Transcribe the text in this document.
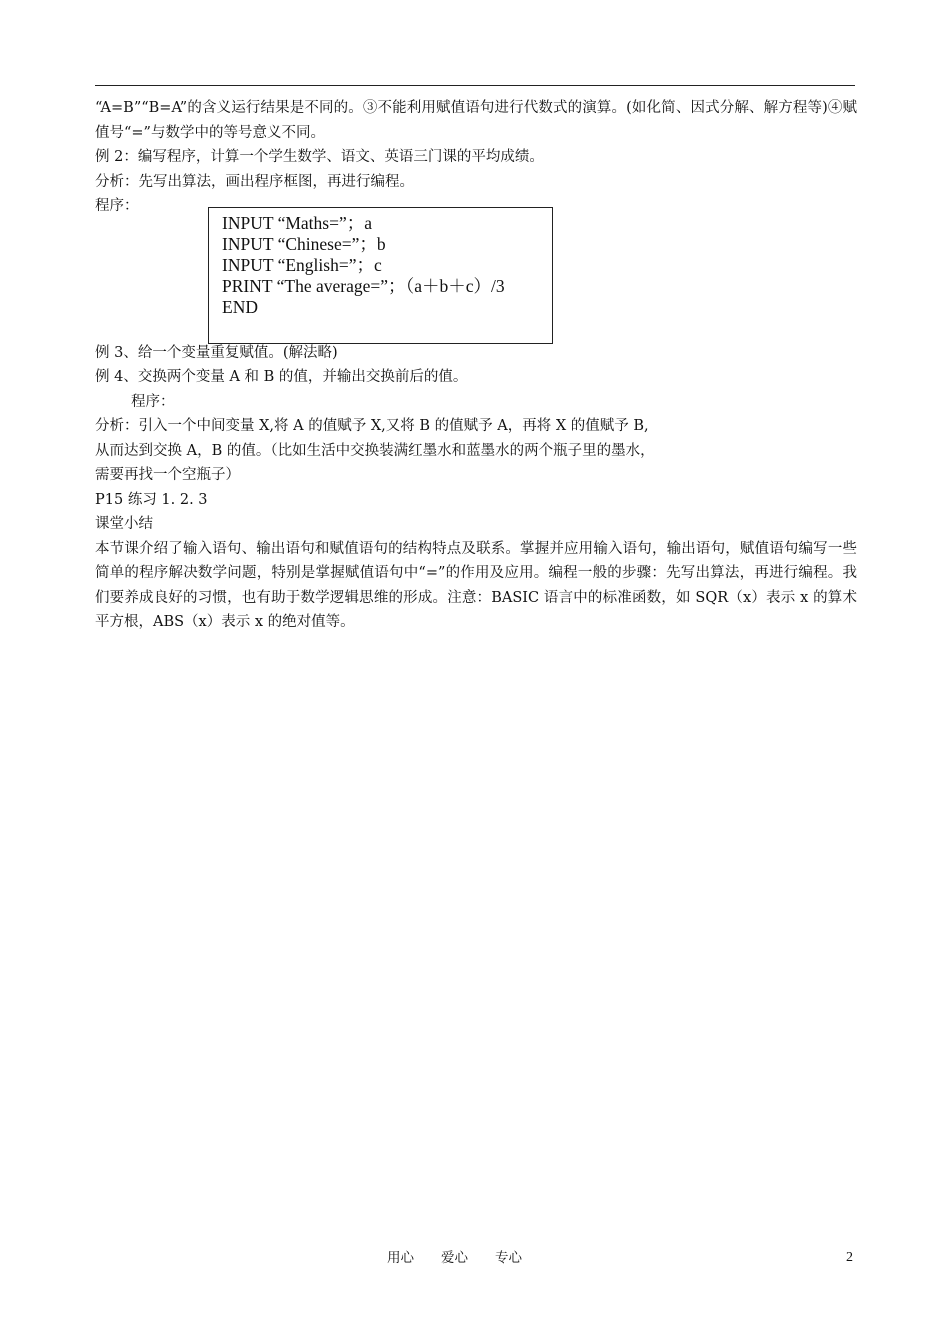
“A=B”“B=A”的含义运行结果是不同的。③不能利用赋值语句进行代数式的演算。(如化简、因式分解、解方程等)④赋值号“=”与数学中的等号意义不同。

例 2：编写程序，计算一个学生数学、语文、英语三门课的平均成绩。

分析：先写出算法，画出程序框图，再进行编程。

程序：

例 3、给一个变量重复赋值。(解法略)

例 4、交换两个变量 A 和 B 的值，并输出交换前后的值。

程序：

分析：引入一个中间变量 X,将 A 的值赋予 X,又将 B 的值赋予 A，再将 X 的值赋予 B,

从而达到交换 A，B 的值。（比如生活中交换装满红墨水和蓝墨水的两个瓶子里的墨水，

需要再找一个空瓶子）

P15 练习 1. 2. 3

课堂小结

本节课介绍了输入语句、输出语句和赋值语句的结构特点及联系。掌握并应用输入语句，输出语句，赋值语句编写一些简单的程序解决数学问题，特别是掌握赋值语句中“=”的作用及应用。编程一般的步骤：先写出算法，再进行编程。我们要养成良好的习惯，也有助于数学逻辑思维的形成。注意：BASIC 语言中的标准函数，如 SQR（x）表示 x 的算术平方根，ABS（x）表示 x 的绝对值等。

INPUT “Maths=”；a
INPUT “Chinese=”；b
INPUT “English=”；c
PRINT “The average=”；（a＋b＋c）/3
END
用心　　爱心　　专心	2
